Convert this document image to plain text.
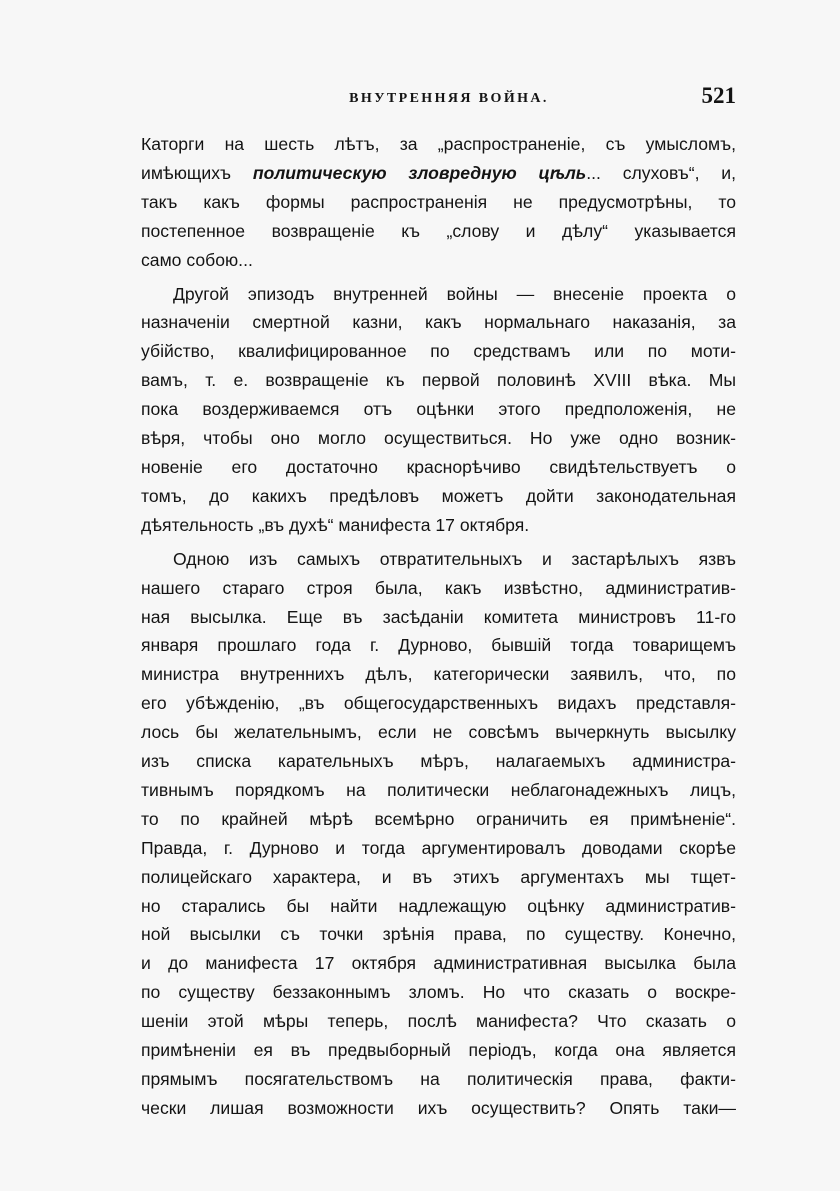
ВНУТРЕННЯЯ ВОЙНА.	521
Каторги на шесть лѣтъ, за „распространеніе, съ умысломъ,
имѣющихъ политическую зловредную цѣль... слуховъ“, и,
такъ какъ формы распространенія не предусмотрѣны, то
постепенное возвращеніе къ „слову и дѣлу“ указывается
само собою...
Другой эпизодъ внутренней войны — внесеніе проекта о
назначеніи смертной казни, какъ нормальнаго наказанія, за
убійство, квалифицированное по средствамъ или по моти-
вамъ, т. е. возвращеніе къ первой половинѣ XVIII вѣка. Мы
пока воздерживаемся отъ оцѣнки этого предположенія, не
вѣря, чтобы оно могло осуществиться. Но уже одно возник-
новеніе его достаточно краснорѣчиво свидѣтельствуетъ о
томъ, до какихъ предѣловъ можетъ дойти законодательная
дѣятельность „въ духѣ“ манифеста 17 октября.
Одною изъ самыхъ отвратительныхъ и застарѣлыхъ язвъ
нашего стараго строя была, какъ извѣстно, административ-
ная высылка. Еще въ засѣданіи комитета министровъ 11-го
января прошлаго года г. Дурново, бывшій тогда товарищемъ
министра внутреннихъ дѣлъ, категорически заявилъ, что, по
его убѣжденію, „въ общегосударственныхъ видахъ представля-
лось бы желательнымъ, если не совсѣмъ вычеркнуть высылку
изъ списка карательныхъ мѣръ, налагаемыхъ администра-
тивнымъ порядкомъ на политически неблагонадежныхъ лицъ,
то по крайней мѣрѣ всемѣрно ограничить ея примѣненіе“.
Правда, г. Дурново и тогда аргументировалъ доводами скорѣе
полицейскаго характера, и въ этихъ аргументахъ мы тщет-
но старались бы найти надлежащую оцѣнку административ-
ной высылки съ точки зрѣнія права, по существу. Конечно,
и до манифеста 17 октября административная высылка была
по существу беззаконнымъ зломъ. Но что сказать о воскре-
шеніи этой мѣры теперь, послѣ манифеста? Что сказать о
примѣненіи ея въ предвыборный періодъ, когда она является
прямымъ посягательствомъ на политическія права, факти-
чески лишая возможности ихъ осуществить? Опять таки—
